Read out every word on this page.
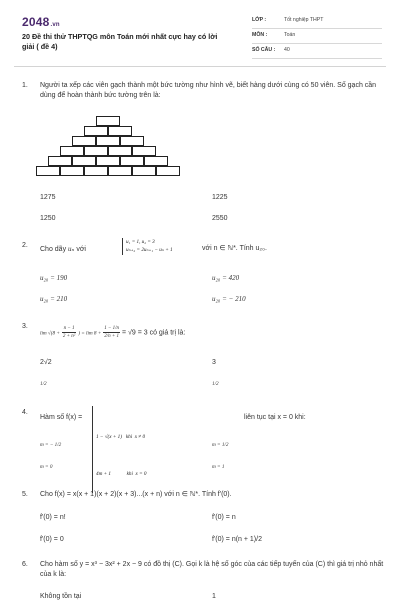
2048.vn
20 Đề thi thử THPTQG môn Toán mới nhất cực hay có lời giải ( đề 4)
LỚP :	Tốt nghiệp THPT
MÔN :	Toán
SỐ CÂU :	40
1. Người ta xếp các viên gạch thành một bức tường như hình vẽ, biết hàng dưới cùng có 50 viên. Số gạch cần dùng để hoàn thành bức tường trên là:
1275	1225
1250	2550
2.
Cho dãy uₙ với
u₁ = 1, u₂ = 3
uₙ₊₂ = 2uₙ₊₁ − uₙ + 1	với n ∈ ℕ*. Tính u₂₀.
u₂₀ = 190	u₂₀ = 420
u₂₀ = 210	u₂₀ = − 210
3.
$\lim √(8 + \frac{n - 1}{\text{2 + n²}}$ ) = $\lim 8 + \frac{1 - 1/n}{2/n + 1} = √9 = 3$ có giá trị là:
2√2	3
1/2	1/2
4.
Hàm số f(x) =

1 − √(x + 1)   khi  x ≠ 0

4m + 1            khi  x = 0

liên tục tại x = 0 khi:
m = − 1/2	m = 1/2
m = 0	m = 1
5. Cho f(x) = x(x + 1)(x + 2)(x + 3)...(x + n) với n ∈ ℕ*. Tính f'(0).
f'(0) = n!	f'(0) = n
f'(0) = 0	f'(0) = n(n + 1)/2
6. Cho hàm số y = x³ − 3x² + 2x − 9 có đồ thị (C). Gọi k là hệ số góc của các tiếp tuyến của (C) thì giá trị nhỏ nhất của k là:
Không tồn tại	1
